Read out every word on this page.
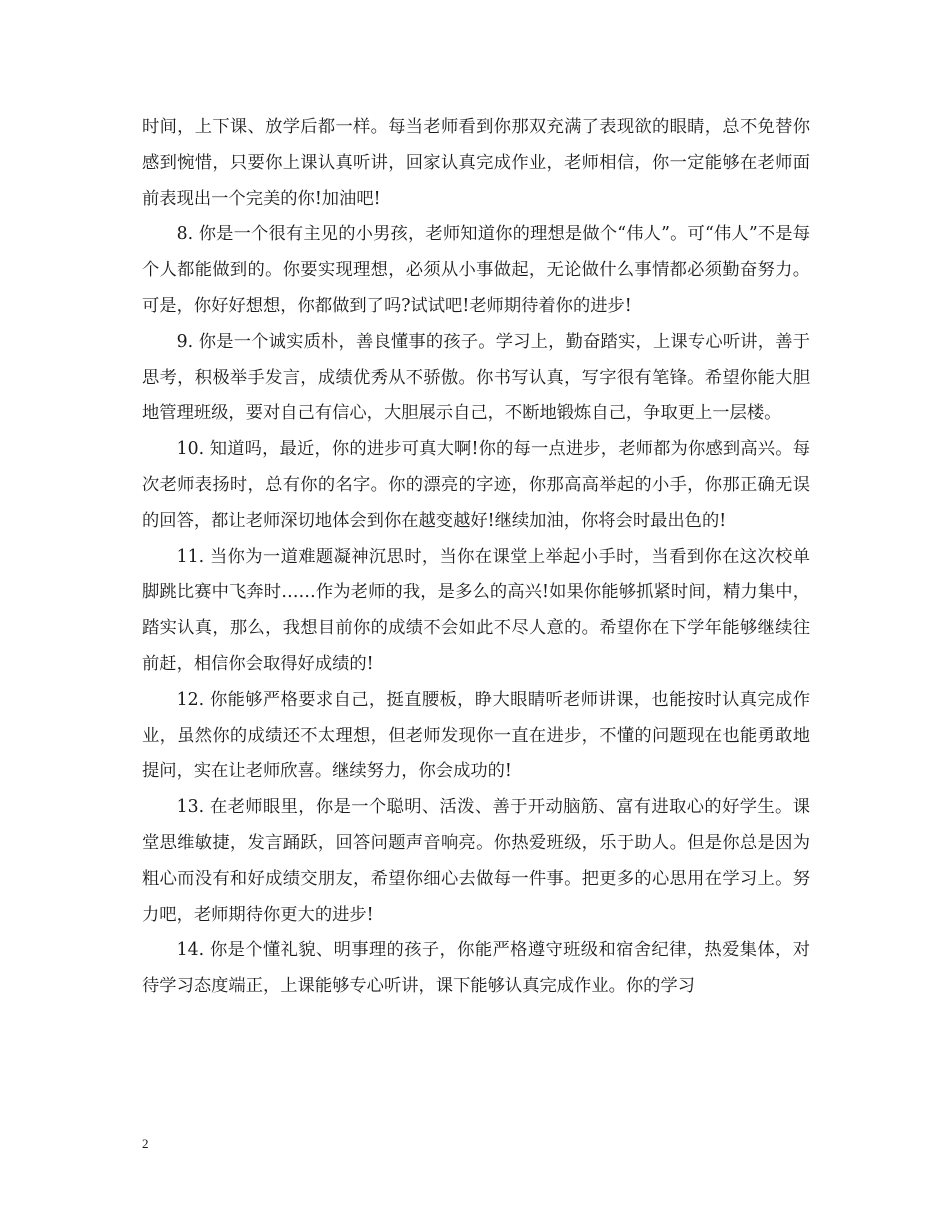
时间，上下课、放学后都一样。每当老师看到你那双充满了表现欲的眼睛，总不免替你感到惋惜，只要你上课认真听讲，回家认真完成作业，老师相信，你一定能够在老师面前表现出一个完美的你!加油吧!

8. 你是一个很有主见的小男孩，老师知道你的理想是做个“伟人”。可“伟人”不是每个人都能做到的。你要实现理想，必须从小事做起，无论做什么事情都必须勤奋努力。可是，你好好想想，你都做到了吗?试试吧!老师期待着你的进步!

9. 你是一个诚实质朴，善良懂事的孩子。学习上，勤奋踏实，上课专心听讲，善于思考，积极举手发言，成绩优秀从不骄傲。你书写认真，写字很有笔锋。希望你能大胆地管理班级，要对自己有信心，大胆展示自己，不断地锻炼自己，争取更上一层楼。

10. 知道吗，最近，你的进步可真大啊!你的每一点进步，老师都为你感到高兴。每次老师表扬时，总有你的名字。你的漂亮的字迹，你那高高举起的小手，你那正确无误的回答，都让老师深切地体会到你在越变越好!继续加油，你将会时最出色的!

11. 当你为一道难题凝神沉思时，当你在课堂上举起小手时，当看到你在这次校单脚跳比赛中飞奔时……作为老师的我，是多么的高兴!如果你能够抓紧时间，精力集中，踏实认真，那么，我想目前你的成绩不会如此不尽人意的。希望你在下学年能够继续往前赶，相信你会取得好成绩的!

12. 你能够严格要求自己，挺直腰板，睁大眼睛听老师讲课，也能按时认真完成作业，虽然你的成绩还不太理想，但老师发现你一直在进步，不懂的问题现在也能勇敢地提问，实在让老师欣喜。继续努力，你会成功的!

13. 在老师眼里，你是一个聪明、活泼、善于开动脑筋、富有进取心的好学生。课堂思维敏捷，发言踊跃，回答问题声音响亮。你热爱班级，乐于助人。但是你总是因为粗心而没有和好成绩交朋友，希望你细心去做每一件事。把更多的心思用在学习上。努力吧，老师期待你更大的进步!

14. 你是个懂礼貌、明事理的孩子，你能严格遵守班级和宿舍纪律，热爱集体，对待学习态度端正，上课能够专心听讲，课下能够认真完成作业。你的学习

2
